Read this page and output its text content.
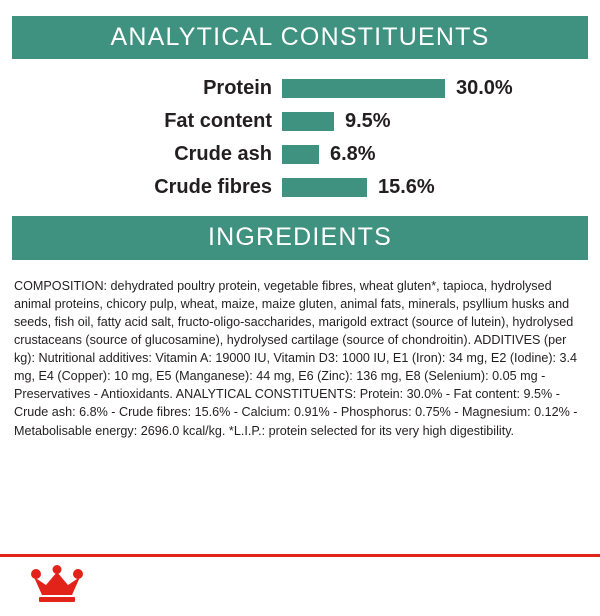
ANALYTICAL CONSTITUENTS
Protein	30.0%
Fat content	9.5%
Crude ash	6.8%
Crude fibres	15.6%
INGREDIENTS
COMPOSITION: dehydrated poultry protein, vegetable fibres, wheat gluten*, tapioca, hydrolysed animal proteins, chicory pulp, wheat, maize, maize gluten, animal fats, minerals, psyllium husks and seeds, fish oil, fatty acid salt, fructo-oligo-saccharides, marigold extract (source of lutein), hydrolysed crustaceans (source of glucosamine), hydrolysed cartilage (source of chondroitin). ADDITIVES (per kg): Nutritional additives: Vitamin A: 19000 IU, Vitamin D3: 1000 IU, E1 (Iron): 34 mg, E2 (Iodine): 3.4 mg, E4 (Copper): 10 mg, E5 (Manganese): 44 mg, E6 (Zinc): 136 mg, E8 (Selenium): 0.05 mg - Preservatives - Antioxidants. ANALYTICAL CONSTITUENTS: Protein: 30.0% - Fat content: 9.5% - Crude ash: 6.8% - Crude fibres: 15.6% - Calcium: 0.91% - Phosphorus: 0.75% - Magnesium: 0.12% - Metabolisable energy: 2696.0 kcal/kg. *L.I.P.: protein selected for its very high digestibility.
